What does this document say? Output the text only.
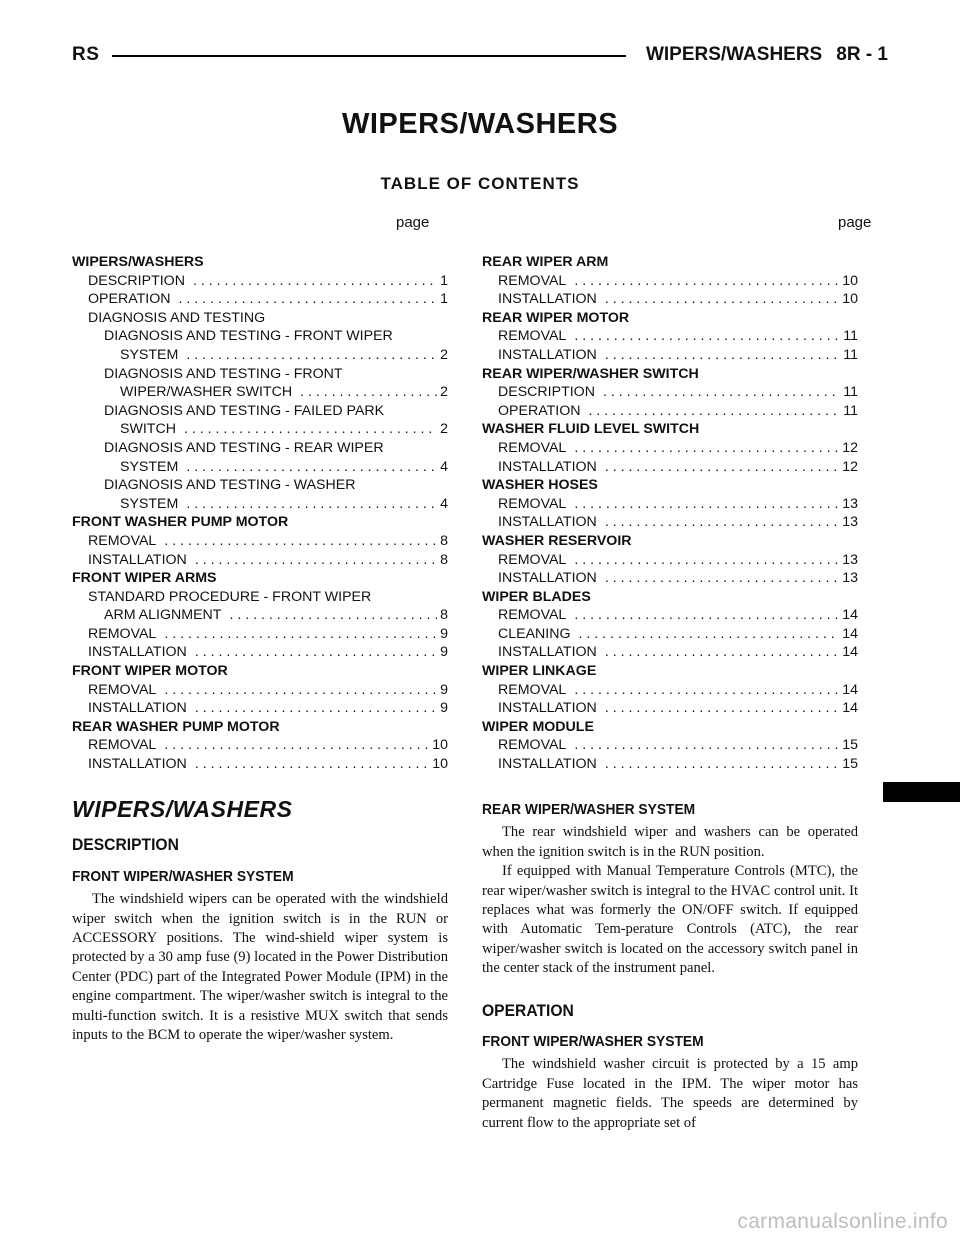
RS	WIPERS/WASHERS 8R - 1
WIPERS/WASHERS
TABLE OF CONTENTS
page	page
WIPERS/WASHERS
DESCRIPTION . . .	1
OPERATION . . .	1
DIAGNOSIS AND TESTING
DIAGNOSIS AND TESTING - FRONT WIPER
SYSTEM . . .	2
DIAGNOSIS AND TESTING - FRONT
WIPER/WASHER SWITCH . . .	2
DIAGNOSIS AND TESTING - FAILED PARK
SWITCH . . .	2
DIAGNOSIS AND TESTING - REAR WIPER
SYSTEM . . .	4
DIAGNOSIS AND TESTING - WASHER
SYSTEM . . .	4
FRONT WASHER PUMP MOTOR
REMOVAL . . .	8
INSTALLATION . . .	8
FRONT WIPER ARMS
STANDARD PROCEDURE - FRONT WIPER
ARM ALIGNMENT . . .	8
REMOVAL . . .	9
INSTALLATION . . .	9
FRONT WIPER MOTOR
REMOVAL . . .	9
INSTALLATION . . .	9
REAR WASHER PUMP MOTOR
REMOVAL . . .	10
INSTALLATION . . .	10
REAR WIPER ARM
REMOVAL . . .	10
INSTALLATION . . .	10
REAR WIPER MOTOR
REMOVAL . . .	11
INSTALLATION . . .	11
REAR WIPER/WASHER SWITCH
DESCRIPTION . . .	11
OPERATION . . .	11
WASHER FLUID LEVEL SWITCH
REMOVAL . . .	12
INSTALLATION . . .	12
WASHER HOSES
REMOVAL . . .	13
INSTALLATION . . .	13
WASHER RESERVOIR
REMOVAL . . .	13
INSTALLATION . . .	13
WIPER BLADES
REMOVAL . . .	14
CLEANING . . .	14
INSTALLATION . . .	14
WIPER LINKAGE
REMOVAL . . .	14
INSTALLATION . . .	14
WIPER MODULE
REMOVAL . . .	15
INSTALLATION . . .	15
WIPERS/WASHERS
DESCRIPTION
FRONT WIPER/WASHER SYSTEM

The windshield wipers can be operated with the windshield wiper switch when the ignition switch is in the RUN or ACCESSORY positions. The wind-shield wiper system is protected by a 30 amp fuse (9) located in the Power Distribution Center (PDC) part of the Integrated Power Module (IPM) in the engine compartment. The wiper/washer switch is integral to the multi-function switch. It is a resistive MUX switch that sends inputs to the BCM to operate the wiper/washer system.

REAR WIPER/WASHER SYSTEM

The rear windshield wiper and washers can be operated when the ignition switch is in the RUN position.

If equipped with Manual Temperature Controls (MTC), the rear wiper/washer switch is integral to the HVAC control unit. It replaces what was formerly the ON/OFF switch. If equipped with Automatic Tem-perature Controls (ATC), the rear wiper/washer switch is located on the accessory switch panel in the center stack of the instrument panel.

OPERATION
FRONT WIPER/WASHER SYSTEM

The windshield washer circuit is protected by a 15 amp Cartridge Fuse located in the IPM. The wiper motor has permanent magnetic fields. The speeds are determined by current flow to the appropriate set of

carmanualsonline.info
